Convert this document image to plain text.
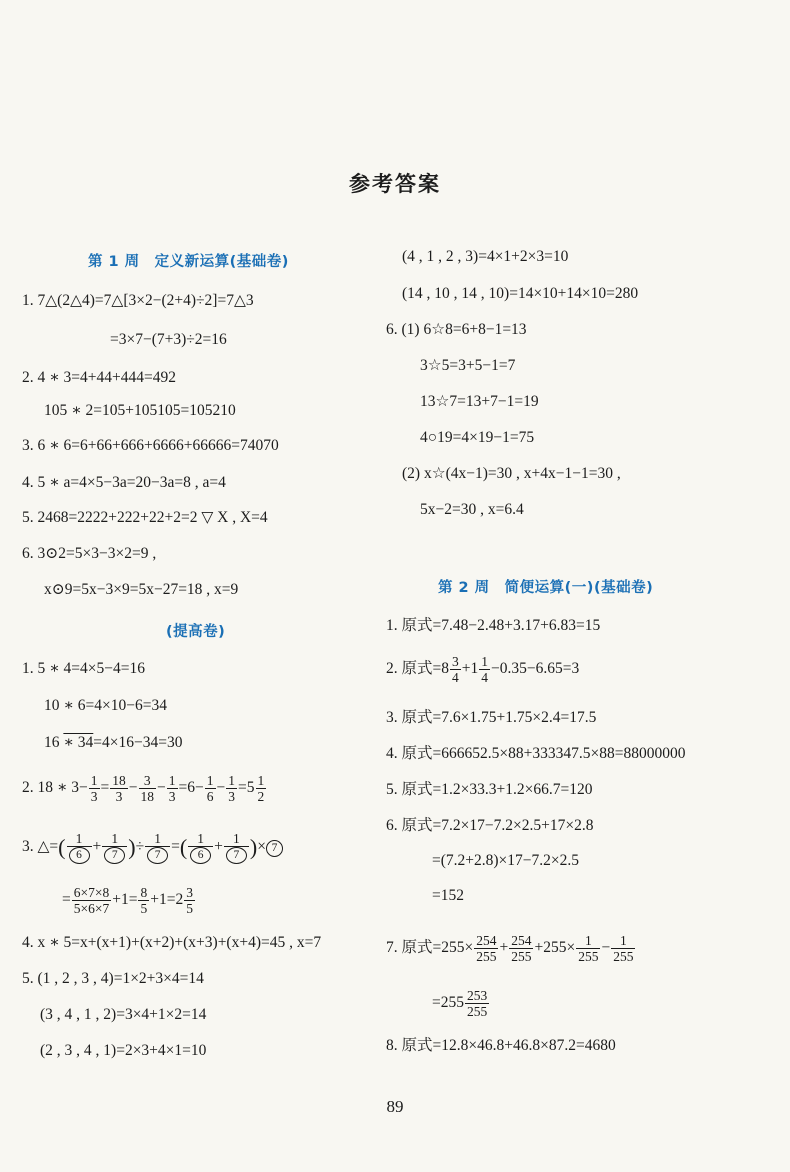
参考答案
第 1 周　定义新运算(基础卷)
1. 7△(2△4)=7△[3×2−(2+4)÷2]=7△3
=3×7−(7+3)÷2=16
2. 4 ∗ 3=4+44+444=492
105 ∗ 2=105+105105=105210
3. 6 ∗ 6=6+66+666+6666+66666=74070
4. 5 ∗ a=4×5−3a=20−3a=8 , a=4
5. 2468=2222+222+22+2=2 ▽ X , X=4
6. 3⊙2=5×3−3×2=9 ,
x⊙9=5x−3×9=5x−27=18 , x=9
(提高卷)
1. 5 ∗ 4=4×5−4=16
10 ∗ 6=4×10−6=34
16 ∗ 34=4×16−34=30
2. 18 ∗ $3- \frac{1}{3} = \frac{18}{3} - \frac{3}{18} - \frac{1}{3} =6- \frac{1}{6} - \frac{1}{3} =5 \frac{1}{2}$
3. △=( $\frac{1}{6} + \frac{1}{7}$ )÷ $\frac{1}{7}$ =( $\frac{1}{6} + \frac{1}{7}$ )× 7
= $\frac{6\times 7\times 8}{5\times 6\times 7} +1= \frac{8}{5} +1=2 \frac{3}{5}$
4. x ∗ 5=x+(x+1)+(x+2)+(x+3)+(x+4)=45 , x=7
5. (1 , 2 , 3 , 4)=1×2+3×4=14
(3 , 4 , 1 , 2)=3×4+1×2=14
(2 , 3 , 4 , 1)=2×3+4×1=10
(4 , 1 , 2 , 3)=4×1+2×3=10
(14 , 10 , 14 , 10)=14×10+14×10=280
6. (1) 6☆8=6+8−1=13
3☆5=3+5−1=7
13☆7=13+7−1=19
4○19=4×19−1=75
(2) x☆(4x−1)=30 , x+4x−1−1=30 ,
5x−2=30 , x=6.4
第 2 周　简便运算(一)(基础卷)
1. 原式=7.48−2.48+3.17+6.83=15
2. 原式$=8 \frac{3}{4} +1 \frac{1}{4} -0.35-6.65=3$
3. 原式=7.6×1.75+1.75×2.4=17.5
4. 原式=666652.5×88+333347.5×88=88000000
5. 原式=1.2×33.3+1.2×66.7=120
6. 原式=7.2×17−7.2×2.5+17×2.8
=(7.2+2.8)×17−7.2×2.5
=152
7. 原式$=255\times \frac{254}{255} + \frac{254}{255} +255\times \frac{1}{255} - \frac{1}{255}$
$=255 \frac{253}{255}$
8. 原式=12.8×46.8+46.8×87.2=4680
89
